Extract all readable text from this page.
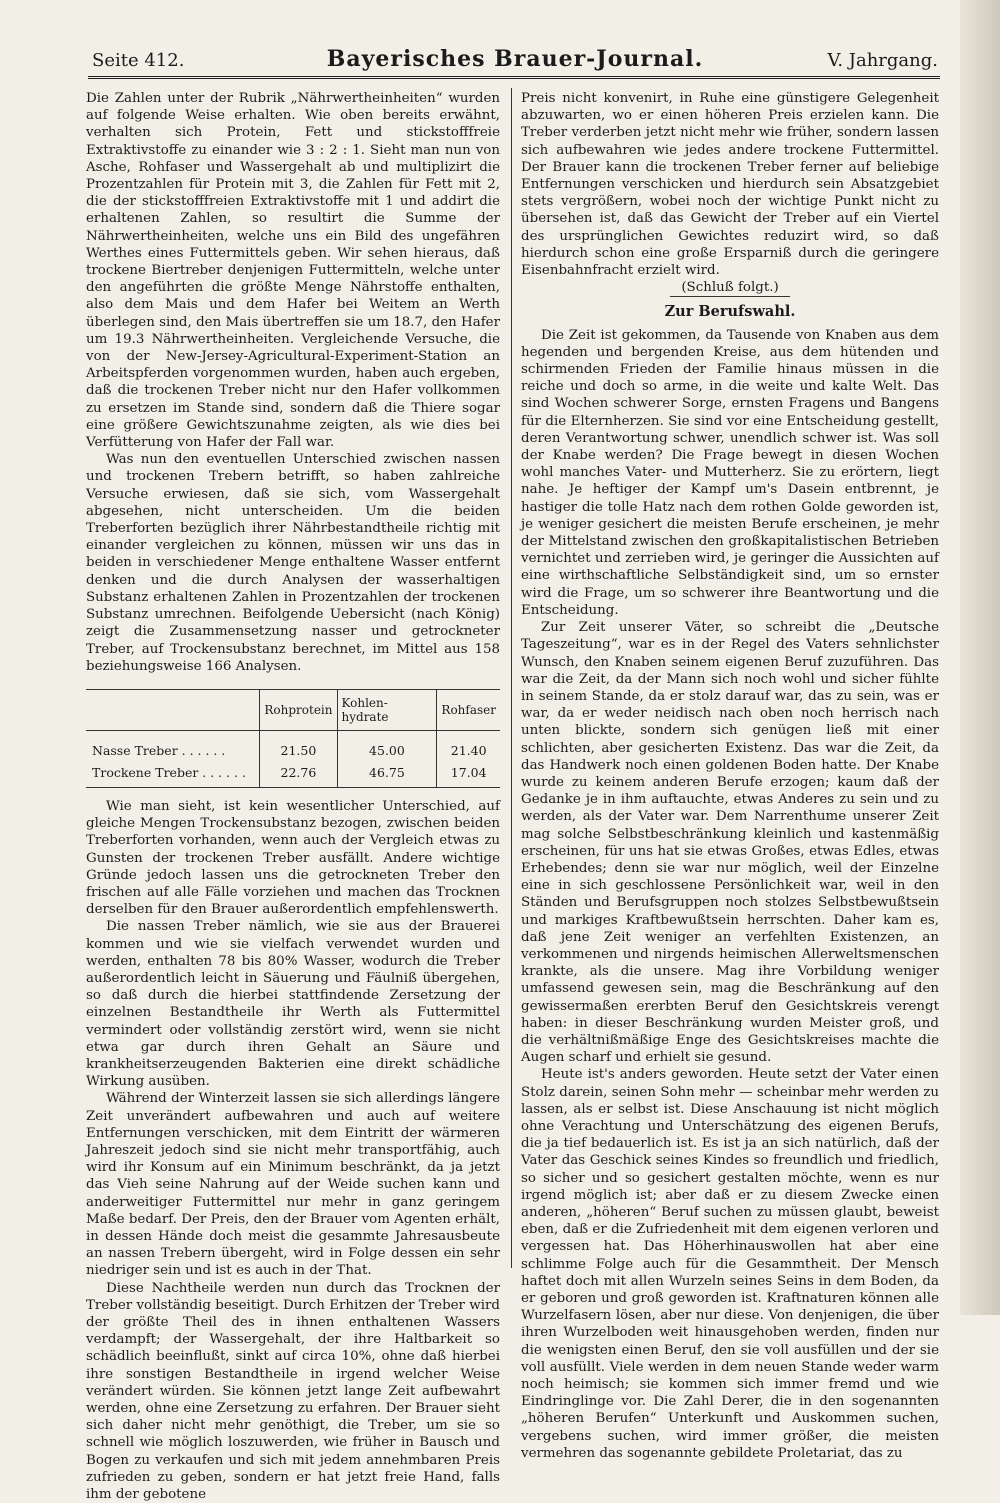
Seite 412.	Bayerisches Brauer-Journal.	V. Jahrgang.

Die Zahlen unter der Rubrik „Nährwertheinheiten“ wurden auf folgende Weise erhalten. Wie oben bereits erwähnt, verhalten sich Protein, Fett und stickstofffreie Extraktivstoffe zu einander wie 3 : 2 : 1. Sieht man nun von Asche, Rohfaser und Wassergehalt ab und multiplizirt die Prozentzahlen für Protein mit 3, die Zahlen für Fett mit 2, die der stickstofffreien Extraktivstoffe mit 1 und addirt die erhaltenen Zahlen, so resultirt die Summe der Nährwertheinheiten, welche uns ein Bild des ungefähren Werthes eines Futtermittels geben. Wir sehen hieraus, daß trockene Biertreber denjenigen Futtermitteln, welche unter den angeführten die größte Menge Nährstoffe enthalten, also dem Mais und dem Hafer bei Weitem an Werth überlegen sind, den Mais übertreffen sie um 18.7, den Hafer um 19.3 Nährwertheinheiten. Vergleichende Versuche, die von der New-Jersey-Agricultural-Experiment-Station an Arbeitspferden vorgenommen wurden, haben auch ergeben, daß die trockenen Treber nicht nur den Hafer vollkommen zu ersetzen im Stande sind, sondern daß die Thiere sogar eine größere Gewichtszunahme zeigten, als wie dies bei Verfütterung von Hafer der Fall war.

Was nun den eventuellen Unterschied zwischen nassen und trockenen Trebern betrifft, so haben zahlreiche Versuche erwiesen, daß sie sich, vom Wassergehalt abgesehen, nicht unterscheiden. Um die beiden Treberforten bezüglich ihrer Nährbestandtheile richtig mit einander vergleichen zu können, müssen wir uns das in beiden in verschiedener Menge enthaltene Wasser entfernt denken und die durch Analysen der wasserhaltigen Substanz erhaltenen Zahlen in Prozentzahlen der trockenen Substanz umrechnen. Beifolgende Uebersicht (nach König) zeigt die Zusammensetzung nasser und getrockneter Treber, auf Trockensubstanz berechnet, im Mittel aus 158 beziehungsweise 166 Analysen.

	Rohprotein	Kohlen-hydrate	Rohfaser
Nasse Treber . . . . . .	21.50	45.00	21.40
Trockene Treber . . . . . .	22.76	46.75	17.04

Wie man sieht, ist kein wesentlicher Unterschied, auf gleiche Mengen Trockensubstanz bezogen, zwischen beiden Treberforten vorhanden, wenn auch der Vergleich etwas zu Gunsten der trockenen Treber ausfällt. Andere wichtige Gründe jedoch lassen uns die getrockneten Treber den frischen auf alle Fälle vorziehen und machen das Trocknen derselben für den Brauer außerordentlich empfehlenswerth.

Die nassen Treber nämlich, wie sie aus der Brauerei kommen und wie sie vielfach verwendet wurden und werden, enthalten 78 bis 80% Wasser, wodurch die Treber außerordentlich leicht in Säuerung und Fäulniß übergehen, so daß durch die hierbei stattfindende Zersetzung der einzelnen Bestandtheile ihr Werth als Futtermittel vermindert oder vollständig zerstört wird, wenn sie nicht etwa gar durch ihren Gehalt an Säure und krankheitserzeugenden Bakterien eine direkt schädliche Wirkung ausüben.

Während der Winterzeit lassen sie sich allerdings längere Zeit unverändert aufbewahren und auch auf weitere Entfernungen verschicken, mit dem Eintritt der wärmeren Jahreszeit jedoch sind sie nicht mehr transportfähig, auch wird ihr Konsum auf ein Minimum beschränkt, da ja jetzt das Vieh seine Nahrung auf der Weide suchen kann und anderweitiger Futtermittel nur mehr in ganz geringem Maße bedarf. Der Preis, den der Brauer vom Agenten erhält, in dessen Hände doch meist die gesammte Jahresausbeute an nassen Trebern übergeht, wird in Folge dessen ein sehr niedriger sein und ist es auch in der That.

Diese Nachtheile werden nun durch das Trocknen der Treber vollständig beseitigt. Durch Erhitzen der Treber wird der größte Theil des in ihnen enthaltenen Wassers verdampft; der Wassergehalt, der ihre Haltbarkeit so schädlich beeinflußt, sinkt auf circa 10%, ohne daß hierbei ihre sonstigen Bestandtheile in irgend welcher Weise verändert würden. Sie können jetzt lange Zeit aufbewahrt werden, ohne eine Zersetzung zu erfahren. Der Brauer sieht sich daher nicht mehr genöthigt, die Treber, um sie so schnell wie möglich loszuwerden, wie früher in Bausch und Bogen zu verkaufen und sich mit jedem annehmbaren Preis zufrieden zu geben, sondern er hat jetzt freie Hand, falls ihm der gebotene

Preis nicht konvenirt, in Ruhe eine günstigere Gelegenheit abzuwarten, wo er einen höheren Preis erzielen kann. Die Treber verderben jetzt nicht mehr wie früher, sondern lassen sich aufbewahren wie jedes andere trockene Futtermittel. Der Brauer kann die trockenen Treber ferner auf beliebige Entfernungen verschicken und hierdurch sein Absatzgebiet stets vergrößern, wobei noch der wichtige Punkt nicht zu übersehen ist, daß das Gewicht der Treber auf ein Viertel des ursprünglichen Gewichtes reduzirt wird, so daß hierdurch schon eine große Ersparniß durch die geringere Eisenbahnfracht erzielt wird.

(Schluß folgt.)

Zur Berufswahl.

Die Zeit ist gekommen, da Tausende von Knaben aus dem hegenden und bergenden Kreise, aus dem hütenden und schirmenden Frieden der Familie hinaus müssen in die reiche und doch so arme, in die weite und kalte Welt. Das sind Wochen schwerer Sorge, ernsten Fragens und Bangens für die Elternherzen. Sie sind vor eine Entscheidung gestellt, deren Verantwortung schwer, unendlich schwer ist. Was soll der Knabe werden? Die Frage bewegt in diesen Wochen wohl manches Vater- und Mutterherz. Sie zu erörtern, liegt nahe. Je heftiger der Kampf um's Dasein entbrennt, je hastiger die tolle Hatz nach dem rothen Golde geworden ist, je weniger gesichert die meisten Berufe erscheinen, je mehr der Mittelstand zwischen den großkapitalistischen Betrieben vernichtet und zerrieben wird, je geringer die Aussichten auf eine wirthschaftliche Selbständigkeit sind, um so ernster wird die Frage, um so schwerer ihre Beantwortung und die Entscheidung.

Zur Zeit unserer Väter, so schreibt die „Deutsche Tageszeitung“, war es in der Regel des Vaters sehnlichster Wunsch, den Knaben seinem eigenen Beruf zuzuführen. Das war die Zeit, da der Mann sich noch wohl und sicher fühlte in seinem Stande, da er stolz darauf war, das zu sein, was er war, da er weder neidisch nach oben noch herrisch nach unten blickte, sondern sich genügen ließ mit einer schlichten, aber gesicherten Existenz. Das war die Zeit, da das Handwerk noch einen goldenen Boden hatte. Der Knabe wurde zu keinem anderen Berufe erzogen; kaum daß der Gedanke je in ihm auftauchte, etwas Anderes zu sein und zu werden, als der Vater war. Dem Narrenthume unserer Zeit mag solche Selbstbeschränkung kleinlich und kastenmäßig erscheinen, für uns hat sie etwas Großes, etwas Edles, etwas Erhebendes; denn sie war nur möglich, weil der Einzelne eine in sich geschlossene Persönlichkeit war, weil in den Ständen und Berufsgruppen noch stolzes Selbstbewußtsein und markiges Kraftbewußtsein herrschten. Daher kam es, daß jene Zeit weniger an verfehlten Existenzen, an verkommenen und nirgends heimischen Allerweltsmenschen krankte, als die unsere. Mag ihre Vorbildung weniger umfassend gewesen sein, mag die Beschränkung auf den gewissermaßen ererbten Beruf den Gesichtskreis verengt haben: in dieser Beschränkung wurden Meister groß, und die verhältnißmäßige Enge des Gesichtskreises machte die Augen scharf und erhielt sie gesund.

Heute ist's anders geworden. Heute setzt der Vater einen Stolz darein, seinen Sohn mehr — scheinbar mehr werden zu lassen, als er selbst ist. Diese Anschauung ist nicht möglich ohne Verachtung und Unterschätzung des eigenen Berufs, die ja tief bedauerlich ist. Es ist ja an sich natürlich, daß der Vater das Geschick seines Kindes so freundlich und friedlich, so sicher und so gesichert gestalten möchte, wenn es nur irgend möglich ist; aber daß er zu diesem Zwecke einen anderen, „höheren“ Beruf suchen zu müssen glaubt, beweist eben, daß er die Zufriedenheit mit dem eigenen verloren und vergessen hat. Das Höherhinauswollen hat aber eine schlimme Folge auch für die Gesammtheit. Der Mensch haftet doch mit allen Wurzeln seines Seins in dem Boden, da er geboren und groß geworden ist. Kraftnaturen können alle Wurzelfasern lösen, aber nur diese. Von denjenigen, die über ihren Wurzelboden weit hinausgehoben werden, finden nur die wenigsten einen Beruf, den sie voll ausfüllen und der sie voll ausfüllt. Viele werden in dem neuen Stande weder warm noch heimisch; sie kommen sich immer fremd und wie Eindringlinge vor. Die Zahl Derer, die in den sogenannten „höheren Berufen“ Unterkunft und Auskommen suchen, vergebens suchen, wird immer größer, die meisten vermehren das sogenannte gebildete Proletariat, das zu
